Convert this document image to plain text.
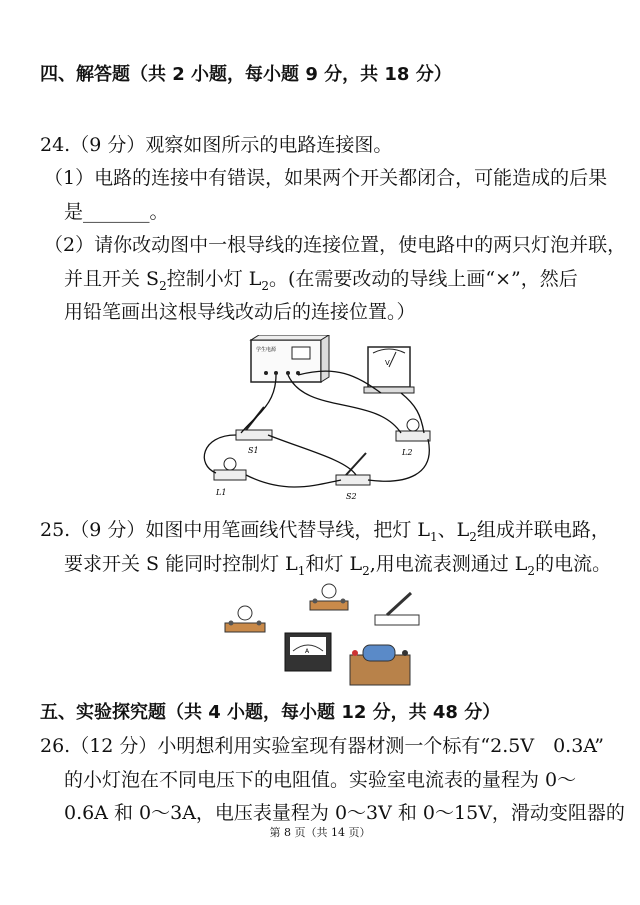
四、解答题（共 2 小题，每小题 9 分，共 18 分）
24.（9 分）观察如图所示的电路连接图。
（1）电路的连接中有错误，如果两个开关都闭合，可能造成的后果
是_______。
（2）请你改动图中一根导线的连接位置，使电路中的两只灯泡并联，
并且开关 $S_2$控制小灯 $L_2$。(在需要改动的导线上画“×”，然后
用铅笔画出这根导线改动后的连接位置。）
学生电源
V
S1	L2
L1	S2
25.（9 分）如图中用笔画线代替导线，把灯 $L_1$、$L_2$组成并联电路，
要求开关 S 能同时控制灯 $L_1$和灯 $L_2$,用电流表测通过 $L_2$的电流。
A
五、实验探究题（共 4 小题，每小题 12 分，共 48 分）
26.（12 分）小明想利用实验室现有器材测一个标有“2.5V　0.3A”
的小灯泡在不同电压下的电阻值。实验室电流表的量程为 0～
0.6A 和 0～3A，电压表量程为 0～3V 和 0～15V，滑动变阻器的
第 8 页（共 14 页）
